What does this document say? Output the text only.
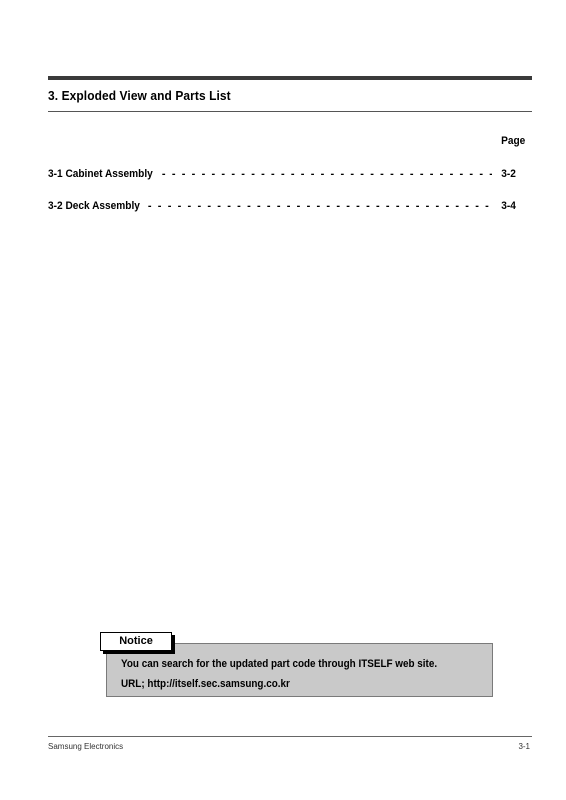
3. Exploded View and Parts List
Page
3-1 Cabinet Assembly - - -	3-2
3-2 Deck Assembly - - -	3-4
Notice
You can search for the updated part code through ITSELF web site.
URL; http://itself.sec.samsung.co.kr
Samsung Electronics	3-1
